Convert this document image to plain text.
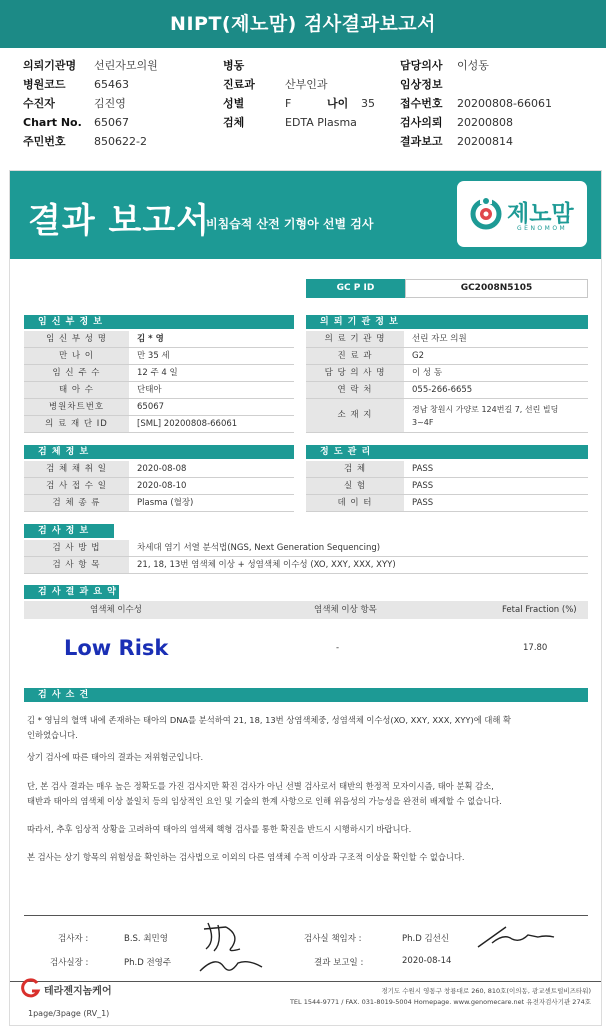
NIPT(제노맘) 검사결과보고서
의뢰기관명 선린자모의원
병원코드	65463
수진자	김진영
Chart No. 65067
주민번호	850622-2
병동
진료과	산부인과
성별	F	나이 35
검체	EDTA Plasma
담당의사 이성동
임상정보
접수번호 20200808-66061
검사의뢰 20200808
결과보고 20200814
결과 보고서
비침습적 산전 기형아 선별 검사	제노맘
GENOMOM
GC P ID	GC2008N5105
임 신 부 정 보
임 신 부 성 명	김 * 영
만 나 이	만 35 세
임 신 주 수	12 주 4 일
태 아 수	단태아
병원차트번호	65067
의 료 재 단 ID	[SML] 20200808-66061
의 뢰 기 관 정 보
의 료 기 관 명	선린 자모 의원
진 료 과	G2
담 당 의 사 명	이 성 동
연 락 처	055-266-6655
소 재 지
경남 창원시 가양로 124번길 7, 선린 빌딩
3~4F
검 체 정 보
검 체 채 취 일	2020-08-08
검 사 접 수 일	2020-08-10
검 체 종 류	Plasma (혈장)
정 도 관 리
검 체	PASS
실 험	PASS
데 이 터	PASS
검 사 정 보
검 사 방 법	차세대 염기 서열 분석법(NGS, Next Generation Sequencing)
검 사 항 목	21, 18, 13번 염색체 이상 + 성염색체 이수성 (XO, XXY, XXX, XYY)
검 사 결 과 요 약
염색체 이수성	염색체 이상 항목	Fetal Fraction (%)
Low Risk	-	17.80
검 사 소 견
김 * 영님의 혈액 내에 존재하는 태아의 DNA를 분석하여 21, 18, 13번 상염색체중, 성염색체 이수성(XO, XXY, XXX, XYY)에 대해 확
인하였습니다.
상기 검사에 따른 태아의 결과는 저위험군입니다.
단, 본 검사 결과는 매우 높은 정확도를 가진 검사지만 확진 검사가 아닌 선별 검사로서 태반의 한정적 모자이시즘, 태아 분획 감소,
태반과 태아의 염색체 이상 불일치 등의 임상적인 요인 및 기술의 한계 사항으로 인해 위음성의 가능성을 완전히 배제할 수 없습니다.
따라서, 추후 임상적 상황을 고려하여 태아의 염색체 핵형 검사를 통한 확진을 반드시 시행하시기 바랍니다.
본 검사는 상기 항목의 위험성을 확인하는 검사법으로 이외의 다른 염색체 수적 이상과 구조적 이상을 확인할 수 없습니다.
검사자 :	B.S. 최민영
검사실장 :	Ph.D 전영주
검사실 책임자 :	Ph.D 김선신
결과 보고일 :	2020-08-14
테라젠지놈케어	경기도 수원시 영통구 창룡대로 260, 810호(이의동, 광교센트럴비즈타워)
TEL 1544-9771 / FAX. 031-8019-5004 Homepage. www.genomecare.net 유전자검사기관 274호
1page/3page (RV_1)
